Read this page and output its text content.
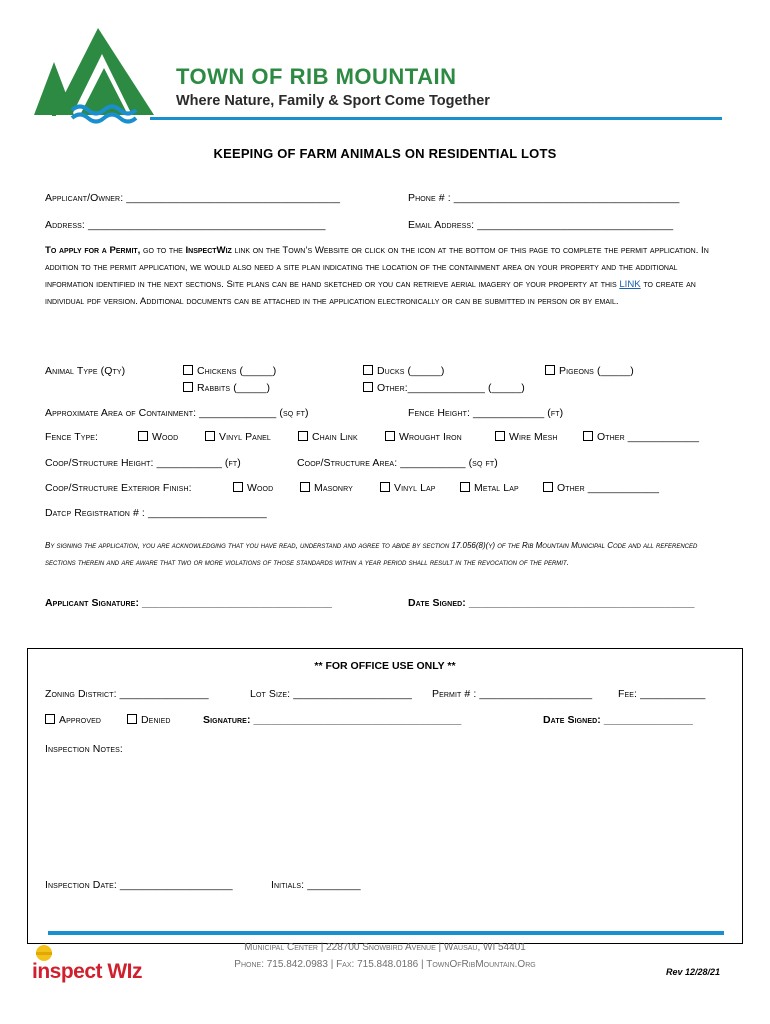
TOWN OF RIB MOUNTAIN
Where Nature, Family & Sport Come Together
KEEPING OF FARM ANIMALS ON RESIDENTIAL LOTS
Applicant/Owner: ____________________________________	Phone # : ______________________________________
Address: ________________________________________	Email Address: _________________________________
To apply for a Permit, go to the InspectWiz link on the Town’s Website or click on the icon at the bottom of this page to complete the permit application. In addition to the permit application, we would also need a site plan indicating the location of the containment area on your property and the additional information identified in the next sections. Site plans can be hand sketched or you can retrieve aerial imagery of your property at this LINK to create an individual pdf version. Additional documents can be attached in the application electronically or can be submitted in person or by email.
Animal Type (Qty)	Chickens (_____)	Ducks (_____)	Pigeons (_____)
Rabbits (_____)	Other:_____________ (_____)
Approximate Area of Containment: _____________ (sq ft)	Fence Height: ____________ (ft)
Fence Type:	Wood	Vinyl Panel	Chain Link	Wrought Iron	Wire Mesh	Other ____________
Coop/Structure Height: ___________ (ft)	Coop/Structure Area: ___________ (sq ft)
Coop/Structure Exterior Finish:	Wood	Masonry	Vinyl Lap	Metal Lap	Other ____________
Datcp Registration # : ____________________
By signing the application, you are acknowledging that you have read, understand and agree to abide by section 17.056(8)(y) of the Rib Mountain Municipal Code and all referenced sections therein and are aware that two or more violations of those standards within a year period shall result in the revocation of the permit.
Applicant Signature: ________________________________	Date Signed: ______________________________________
** FOR OFFICE USE ONLY **
Zoning District: _______________	Lot Size: ____________________ Permit # : ___________________ Fee: ___________
Approved	Denied	Signature: ___________________________________	Date Signed: _______________
Inspection Notes:
Inspection Date: ___________________	Initials: _________
inspect WIz
Municipal Center | 228700 Snowbird Avenue | Wausau, WI 54401
Phone: 715.842.0983 | Fax: 715.848.0186 | TownOfRibMountain.Org
Rev 12/28/21
